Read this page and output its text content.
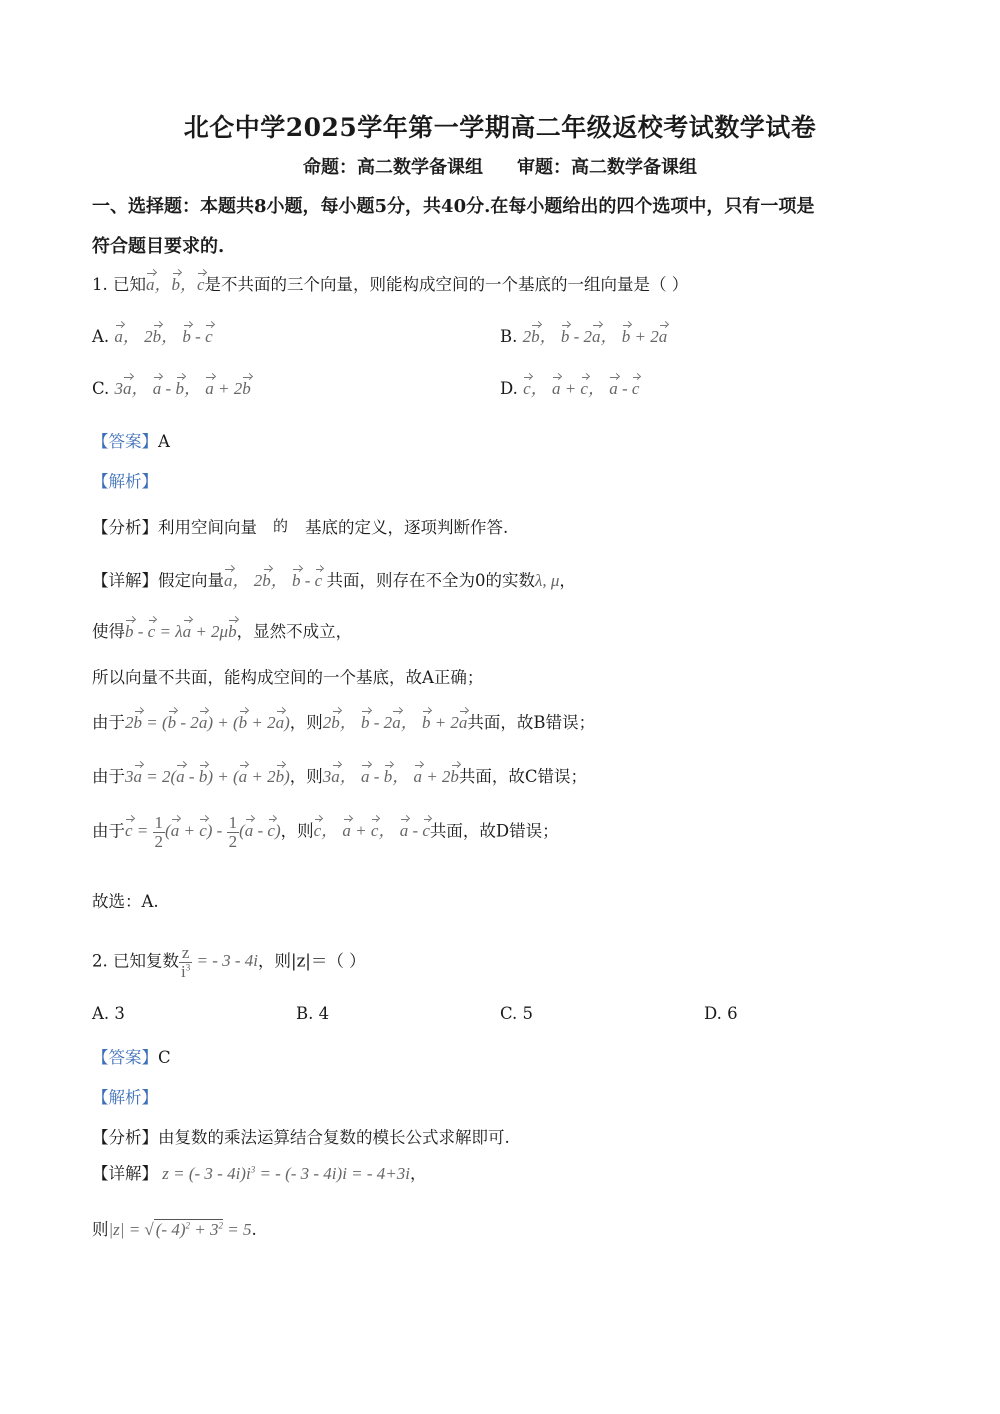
北仑中学2025学年第一学期高二年级返校考试数学试卷
命题：高二数学备课组 审题：高二数学备课组
一、选择题：本题共8小题，每小题5分，共40分.在每小题给出的四个选项中，只有一项是
符合题目要求的.
1. 已知a，b，c是不共面的三个向量，则能构成空间的一个基底的一组向量是（ ）
A. a， 2b， b - c	B. 2b， b - 2a， b + 2a
C. 3a， a - b， a + 2b	D. c， a + c， a - c
【答案】A
【解析】
【分析】利用空间向量 的 基底的定义，逐项判断作答.
【详解】假定向量a， 2b， b - c 共面，则存在不全为0的实数λ, μ，
使得b - c = λa + 2μb，显然不成立，
所以向量不共面，能构成空间的一个基底，故A正确；
由于2b = (b - 2a) + (b + 2a)，则2b， b - 2a， b + 2a共面，故B错误；
由于3a = 2(a - b) + (a + 2b)，则3a， a - b， a + 2b共面，故C错误；
由于$c = \frac{1}{2} (a + c) - \frac{1}{2} (a - c)$，则c， a + c， a - c共面，故D错误；
故选：A.
2. 已知复数 $\frac{z}{i^3}$ = - 3 - 4i，则|z|＝（ ）
A. 3	B. 4	C. 5	D. 6
【答案】C
【解析】
【分析】由复数的乘法运算结合复数的模长公式求解即可.
【详解】 z = (- $3 - 4i)i^3$ = - (- 3 - 4i)i = - 4+3i，
则|z| = √ (- $4)^2 + 3^2 = 5$.
